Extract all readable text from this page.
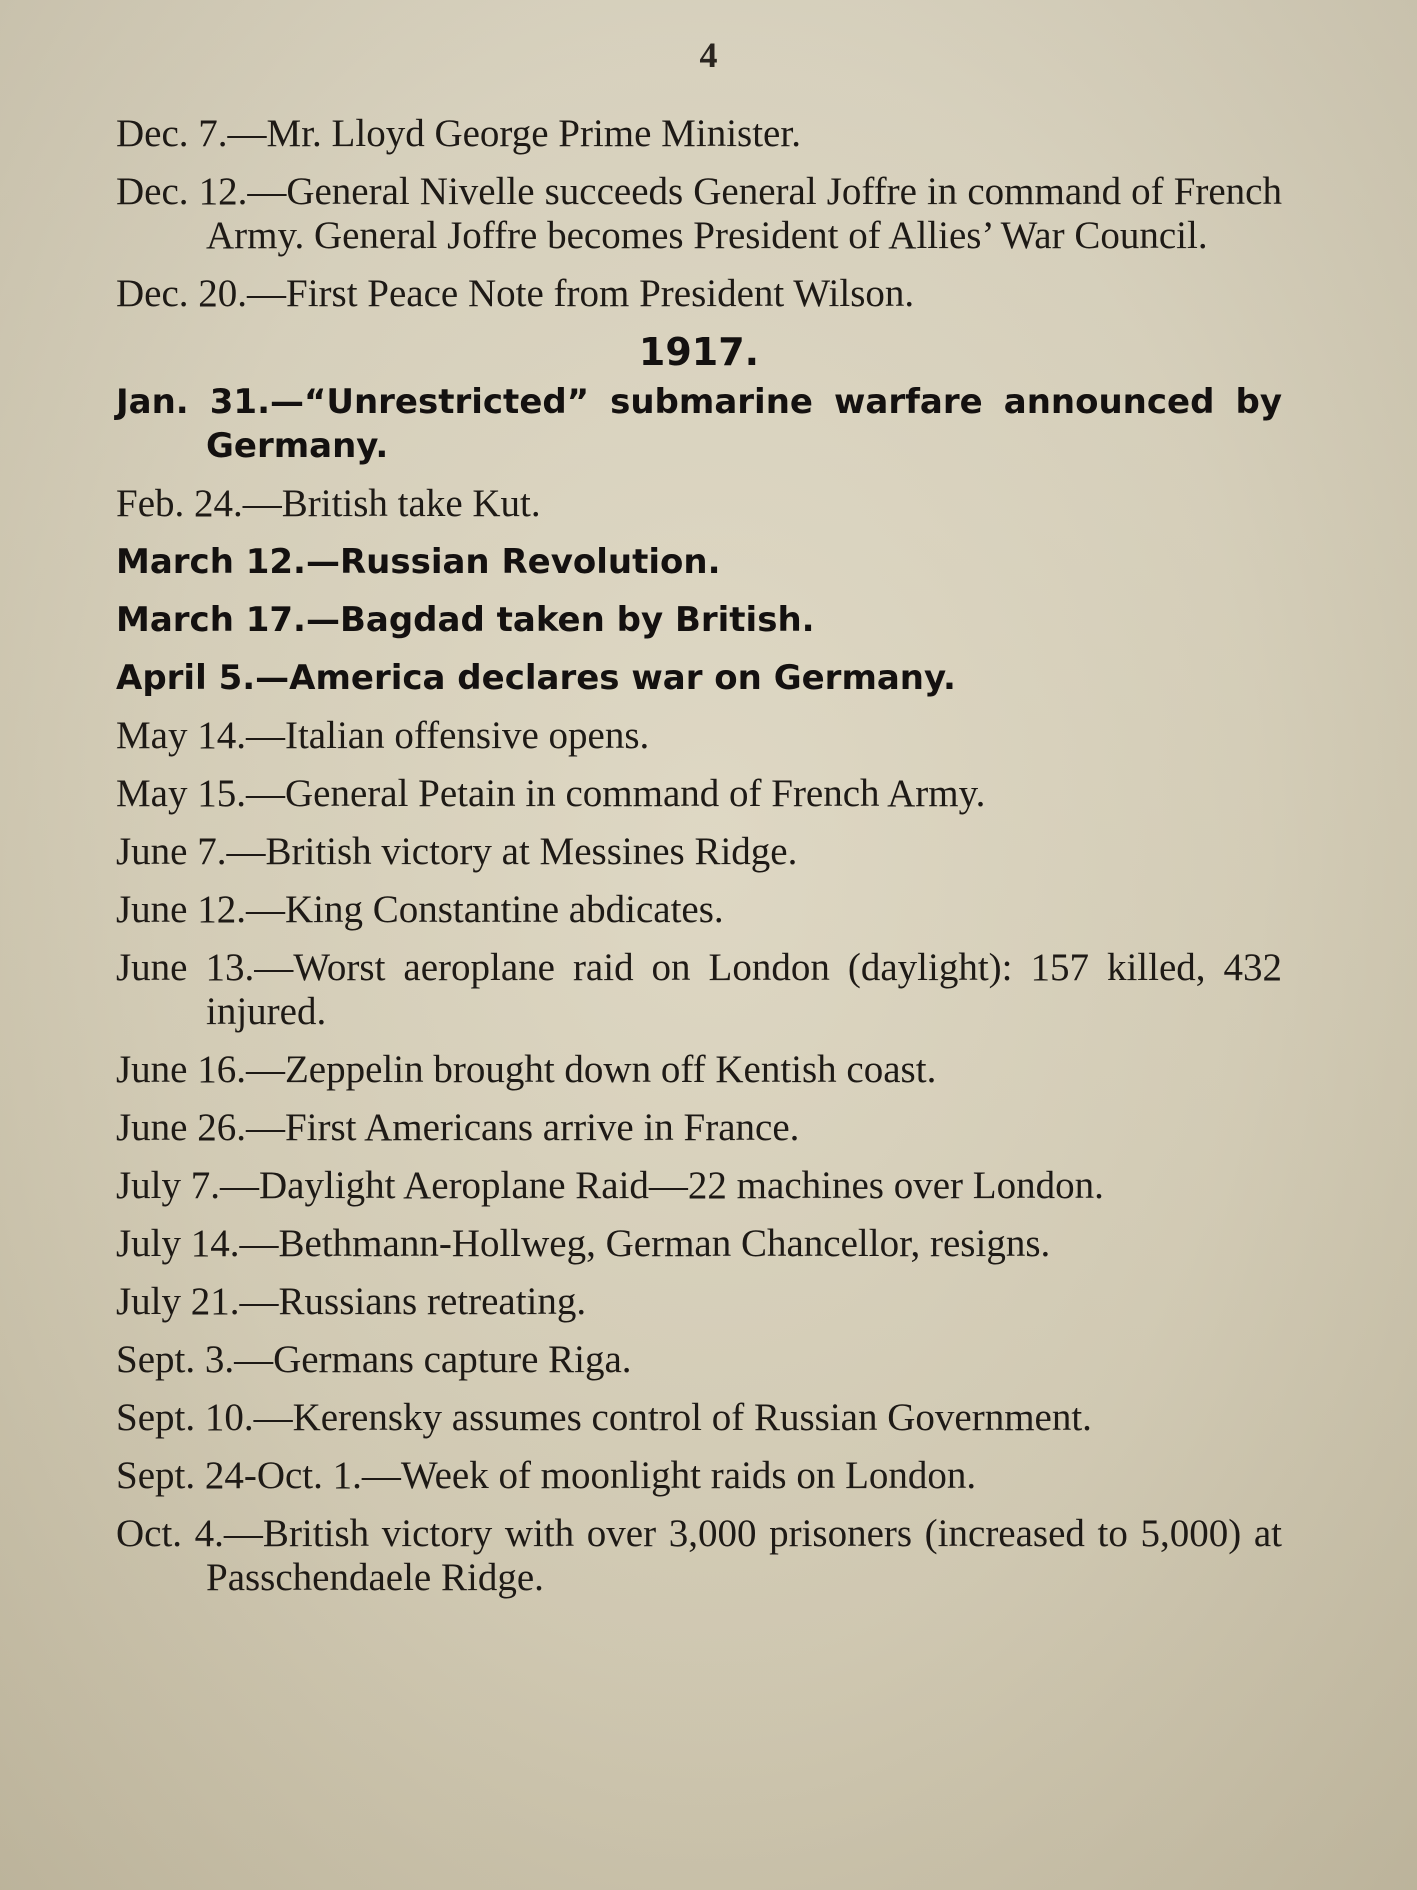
4
Dec. 7.—Mr. Lloyd George Prime Minister.
Dec. 12.—General Nivelle succeeds General Joffre in command of French Army. General Joffre becomes President of Allies’ War Council.
Dec. 20.—First Peace Note from President Wilson.
1917.
Jan. 31.—“Unrestricted” submarine warfare announced by Germany.
Feb. 24.—British take Kut.
March 12.—Russian Revolution.
March 17.—Bagdad taken by British.
April 5.—America declares war on Germany.
May 14.—Italian offensive opens.
May 15.—General Petain in command of French Army.
June 7.—British victory at Messines Ridge.
June 12.—King Constantine abdicates.
June 13.—Worst aeroplane raid on London (daylight): 157 killed, 432 injured.
June 16.—Zeppelin brought down off Kentish coast.
June 26.—First Americans arrive in France.
July 7.—Daylight Aeroplane Raid—22 machines over London.
July 14.—Bethmann-Hollweg, German Chancellor, resigns.
July 21.—Russians retreating.
Sept. 3.—Germans capture Riga.
Sept. 10.—Kerensky assumes control of Russian Government.
Sept. 24-Oct. 1.—Week of moonlight raids on London.
Oct. 4.—British victory with over 3,000 prisoners (increased to 5,000) at Passchendaele Ridge.
